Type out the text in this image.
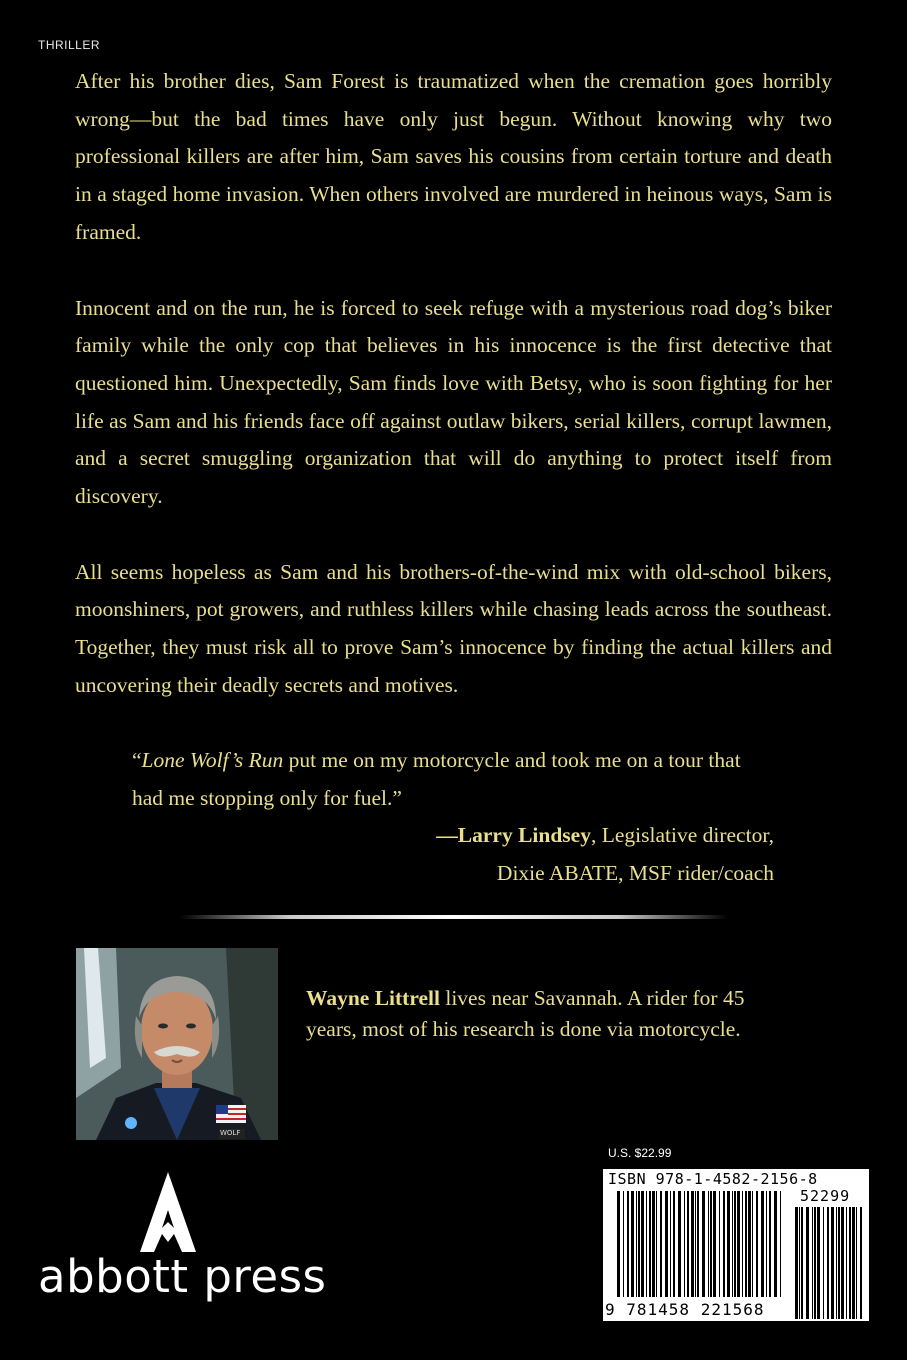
THRILLER

After his brother dies, Sam Forest is traumatized when the cremation goes horribly wrong—but the bad times have only just begun. Without knowing why two professional killers are after him, Sam saves his cousins from certain torture and death in a staged home invasion. When others involved are murdered in heinous ways, Sam is framed.

Innocent and on the run, he is forced to seek refuge with a mysterious road dog’s biker family while the only cop that believes in his innocence is the first detective that questioned him. Unexpectedly, Sam finds love with Betsy, who is soon fighting for her life as Sam and his friends face off against outlaw bikers, serial killers, corrupt lawmen, and a secret smuggling organization that will do anything to protect itself from discovery.

All seems hopeless as Sam and his brothers-of-the-wind mix with old-school bikers, moonshiners, pot growers, and ruthless killers while chasing leads across the southeast. Together, they must risk all to prove Sam’s innocence by finding the actual killers and uncovering their deadly secrets and motives.

“Lone Wolf’s Run put me on my motorcycle and took me on a tour that had me stopping only for fuel.”

—Larry Lindsey, Legislative director,

Dixie ABATE, MSF rider/coach

WOLF
Wayne Littrell lives near Savannah. A rider for 45 years, most of his research is done via motorcycle.
U.S. $22.99
ISBN 978-1-4582-2156-8
52299
9 781458 221568
abbott press
